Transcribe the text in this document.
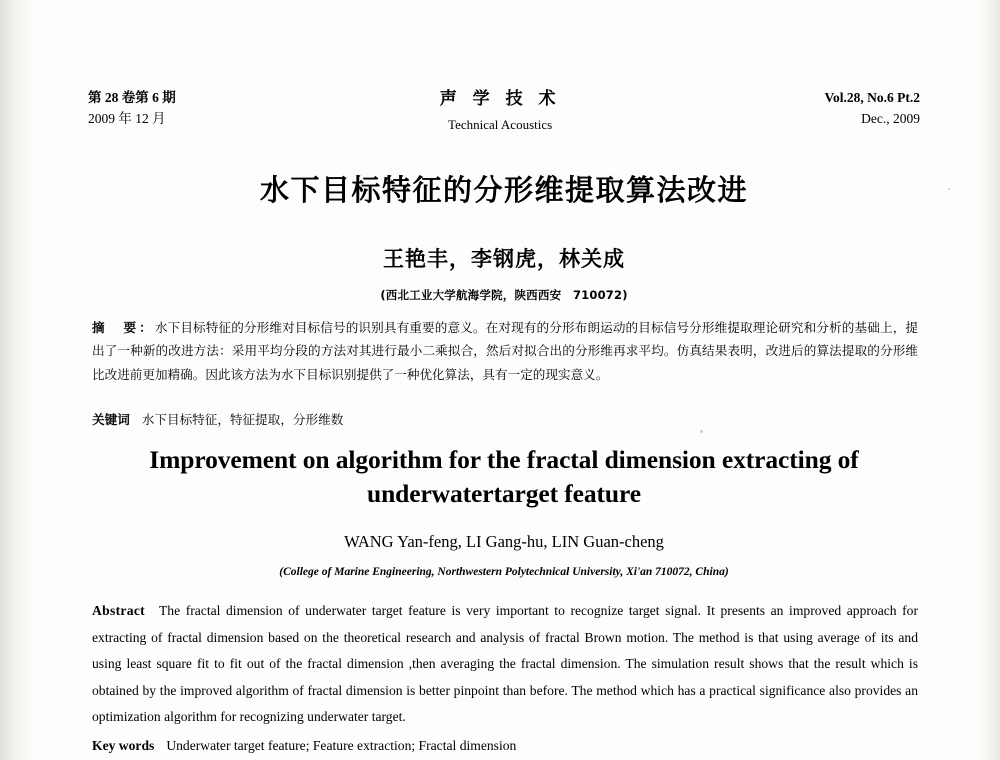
第 28 卷第 6 期
2009 年 12 月
声 学 技 术
Technical Acoustics
Vol.28, No.6 Pt.2
Dec., 2009
水下目标特征的分形维提取算法改进
王艳丰，李钢虎，林关成
(西北工业大学航海学院，陕西西安　710072)
摘　要：水下目标特征的分形维对目标信号的识别具有重要的意义。在对现有的分形布朗运动的目标信号分形维提取理论研究和分析的基础上，提出了一种新的改进方法：采用平均分段的方法对其进行最小二乘拟合，然后对拟合出的分形维再求平均。仿真结果表明，改进后的算法提取的分形维比改进前更加精确。因此该方法为水下目标识别提供了一种优化算法，具有一定的现实意义。
关键词 水下目标特征，特征提取，分形维数
Improvement on algorithm for the fractal dimension extracting of
underwatertarget feature
WANG Yan-feng, LI Gang-hu, LIN Guan-cheng
(College of Marine Engineering, Northwestern Polytechnical University, Xi'an 710072, China)
Abstract The fractal dimension of underwater target feature is very important to recognize target signal. It presents an improved approach for extracting of fractal dimension based on the theoretical research and analysis of fractal Brown motion. The method is that using average of its and using least square fit to fit out of the fractal dimension ,then averaging the fractal dimension. The simulation result shows that the result which is obtained by the improved algorithm of fractal dimension is better pinpoint than before. The method which has a practical significance also provides an optimization algorithm for recognizing underwater target.
Key words Underwater target feature; Feature extraction; Fractal dimension
